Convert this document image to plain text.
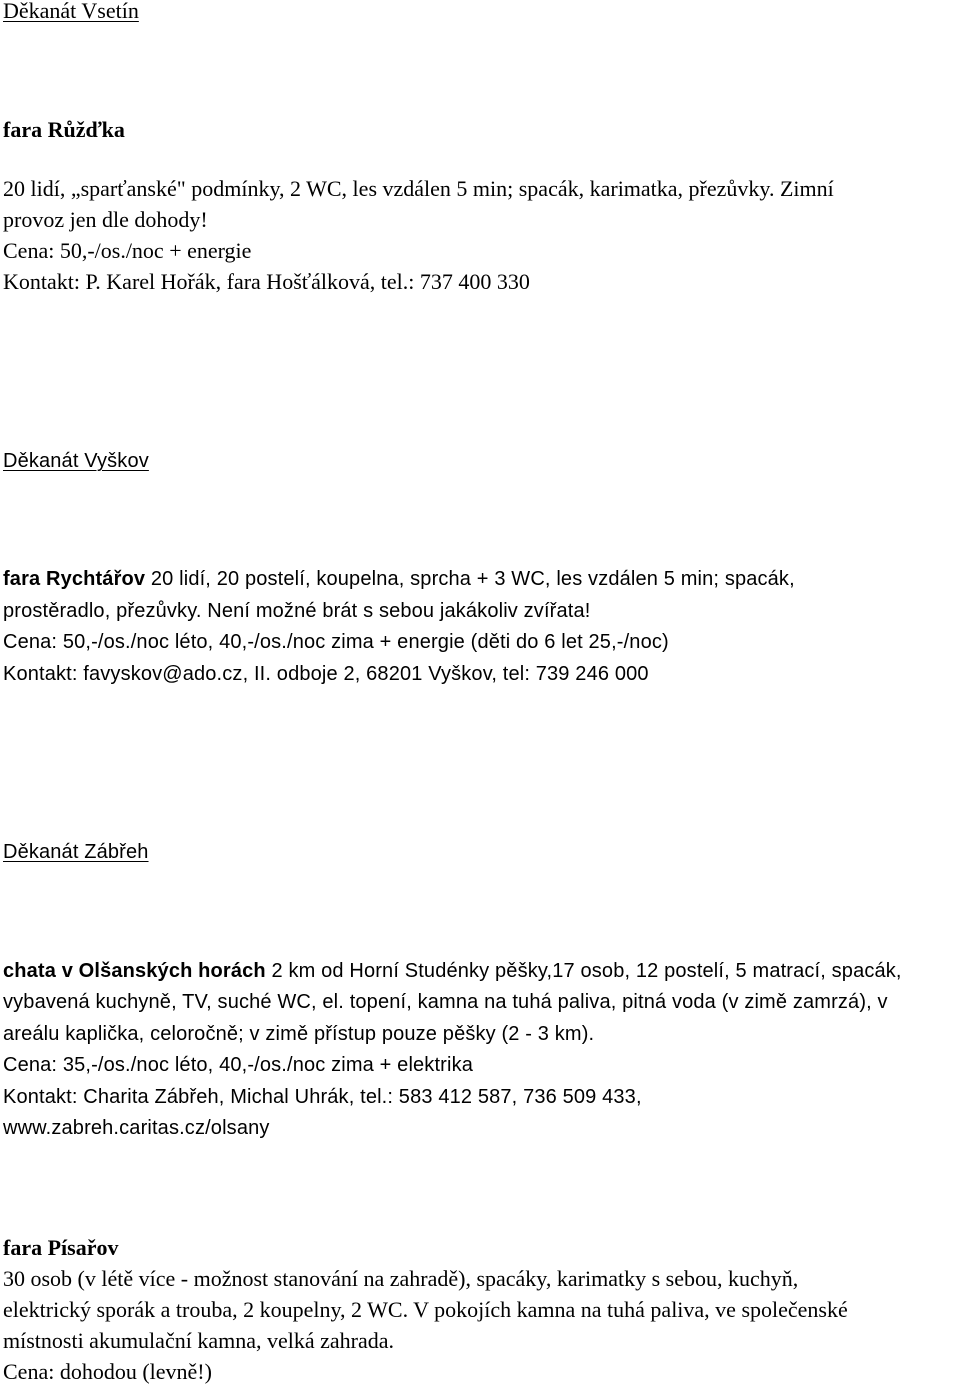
Děkanát Vsetín
fara Růžďka
20 lidí, „sparťanské" podmínky, 2 WC, les vzdálen 5 min; spacák, karimatka, přezůvky. Zimní
provoz jen dle dohody!
Cena: 50,-/os./noc + energie
Kontakt: P. Karel Hořák, fara Hošťálková, tel.: 737 400 330
Děkanát Vyškov
fara Rychtářov 20 lidí, 20 postelí, koupelna, sprcha + 3 WC, les vzdálen 5 min; spacák,
prostěradlo, přezůvky. Není možné brát s sebou jakákoliv zvířata!
Cena: 50,-/os./noc léto, 40,-/os./noc zima + energie (děti do 6 let 25,-/noc)
Kontakt: favyskov@ado.cz, II. odboje 2, 68201 Vyškov, tel: 739 246 000
Děkanát Zábřeh
chata v Olšanských horách 2 km od Horní Studénky pěšky,17 osob, 12 postelí, 5 matrací, spacák,
vybavená kuchyně, TV, suché WC, el. topení, kamna na tuhá paliva, pitná voda (v zimě zamrzá), v
areálu kaplička, celoročně; v zimě přístup pouze pěšky (2 - 3 km).
Cena: 35,-/os./noc léto, 40,-/os./noc zima + elektrika
Kontakt: Charita Zábřeh, Michal Uhrák, tel.: 583 412 587, 736 509 433,
www.zabreh.caritas.cz/olsany
fara Písařov
30 osob (v létě více - možnost stanování na zahradě), spacáky, karimatky s sebou, kuchyň,
elektrický sporák a trouba, 2 koupelny, 2 WC. V pokojích kamna na tuhá paliva, ve společenské
místnosti akumulační kamna, velká zahrada.
Cena: dohodou (levně!)
